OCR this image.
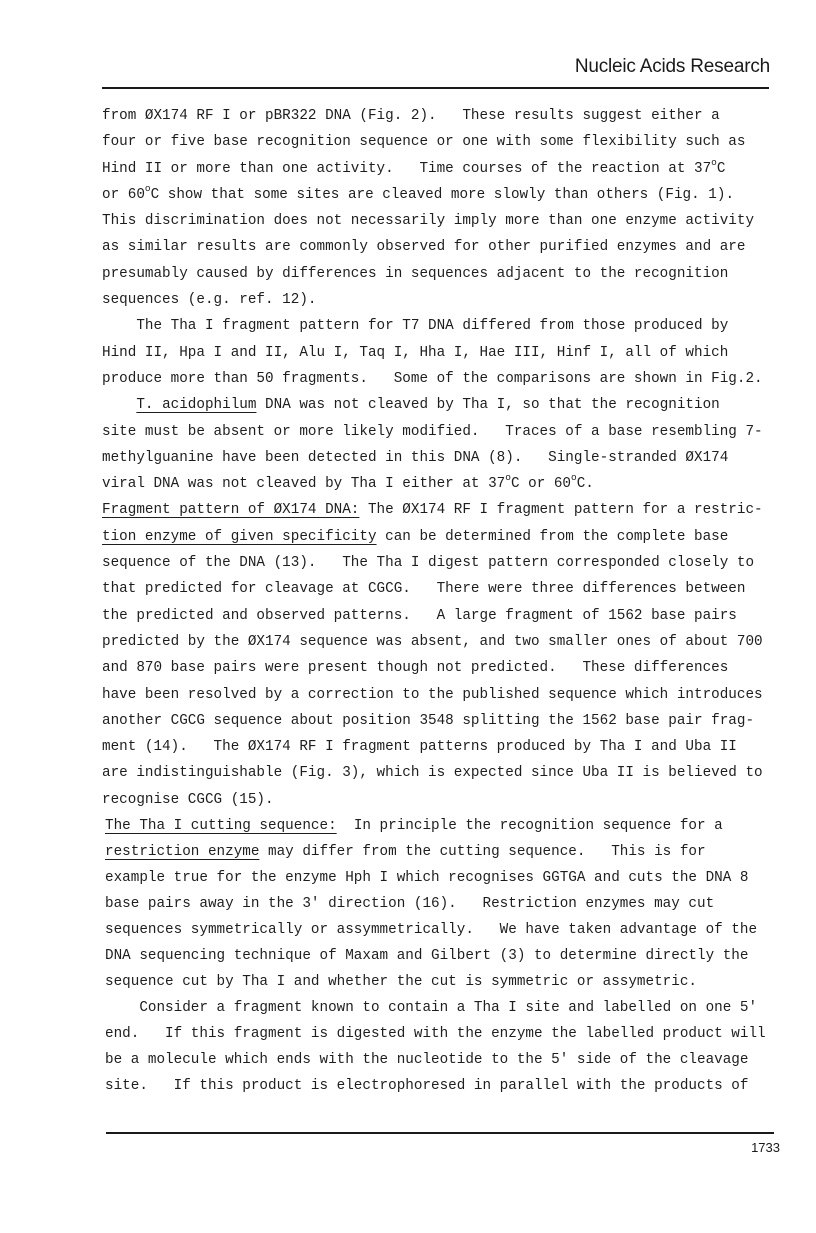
Nucleic Acids Research
from ØX174 RF I or pBR322 DNA (Fig. 2).   These results suggest either a
four or five base recognition sequence or one with some flexibility such as
Hind II or more than one activity.   Time courses of the reaction at 37$^o$C
or 60$^o$C show that some sites are cleaved more slowly than others (Fig. 1).
This discrimination does not necessarily imply more than one enzyme activity
as similar results are commonly observed for other purified enzymes and are
presumably caused by differences in sequences adjacent to the recognition
sequences (e.g. ref. 12).
The Tha I fragment pattern for T7 DNA differed from those produced by
Hind II, Hpa I and II, Alu I, Taq I, Hha I, Hae III, Hinf I, all of which
produce more than 50 fragments.   Some of the comparisons are shown in Fig.2.
T. acidophilum DNA was not cleaved by Tha I, so that the recognition
site must be absent or more likely modified.   Traces of a base resembling 7-
methylguanine have been detected in this DNA (8).   Single-stranded ØX174
viral DNA was not cleaved by Tha I either at 37$^o$C or 60$^o$C.
Fragment pattern of ØX174 DNA: The ØX174 RF I fragment pattern for a restric-
tion enzyme of given specificity can be determined from the complete base
sequence of the DNA (13).   The Tha I digest pattern corresponded closely to
that predicted for cleavage at CGCG.   There were three differences between
the predicted and observed patterns.   A large fragment of 1562 base pairs
predicted by the ØX174 sequence was absent, and two smaller ones of about 700
and 870 base pairs were present though not predicted.   These differences
have been resolved by a correction to the published sequence which introduces
another CGCG sequence about position 3548 splitting the 1562 base pair frag-
ment (14).   The ØX174 RF I fragment patterns produced by Tha I and Uba II
are indistinguishable (Fig. 3), which is expected since Uba II is believed to
recognise CGCG (15).
The Tha I cutting sequence:  In principle the recognition sequence for a
restriction enzyme may differ from the cutting sequence.   This is for
example true for the enzyme Hph I which recognises GGTGA and cuts the DNA 8
base pairs away in the 3' direction (16).   Restriction enzymes may cut
sequences symmetrically or assymmetrically.   We have taken advantage of the
DNA sequencing technique of Maxam and Gilbert (3) to determine directly the
sequence cut by Tha I and whether the cut is symmetric or assymetric.
Consider a fragment known to contain a Tha I site and labelled on one 5'
end.   If this fragment is digested with the enzyme the labelled product will
be a molecule which ends with the nucleotide to the 5' side of the cleavage
site.   If this product is electrophoresed in parallel with the products of
1733
